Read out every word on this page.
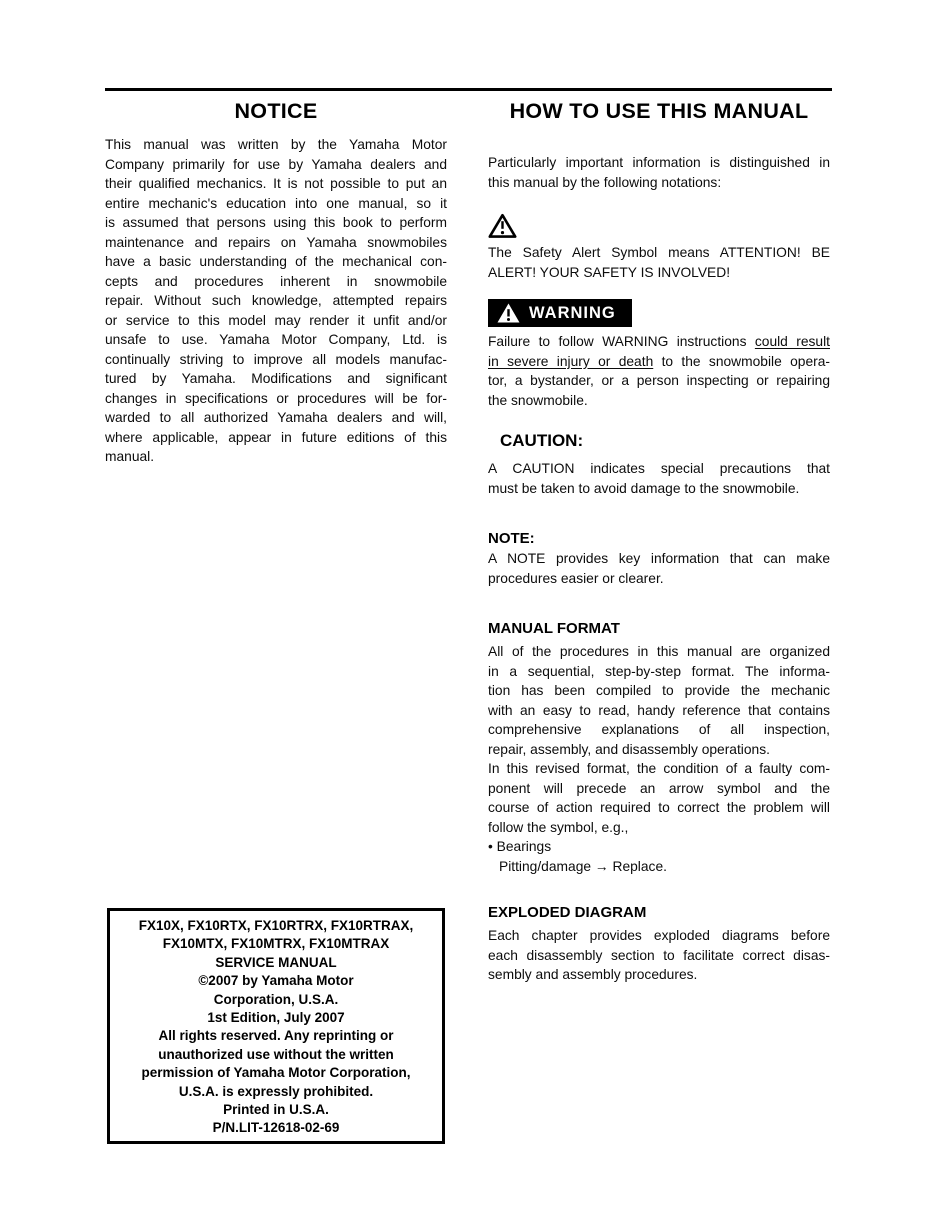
NOTICE
This manual was written by the Yamaha Motor
Company primarily for use by Yamaha dealers and
their qualified mechanics. It is not possible to put an
entire mechanic's education into one manual, so it
is assumed that persons using this book to perform
maintenance and repairs on Yamaha snowmobiles
have a basic understanding of the mechanical con-
cepts and procedures inherent in snowmobile
repair. Without such knowledge, attempted repairs
or service to this model may render it unfit and/or
unsafe to use. Yamaha Motor Company, Ltd. is
continually striving to improve all models manufac-
tured by Yamaha. Modifications and significant
changes in specifications or procedures will be for-
warded to all authorized Yamaha dealers and will,
where applicable, appear in future editions of this
manual.
FX10X, FX10RTX, FX10RTRX, FX10RTRAX,
FX10MTX, FX10MTRX, FX10MTRAX
SERVICE MANUAL
©2007 by Yamaha Motor
Corporation, U.S.A.
1st Edition, July 2007
All rights reserved. Any reprinting or
unauthorized use without the written
permission of Yamaha Motor Corporation,
U.S.A. is expressly prohibited.
Printed in U.S.A.
P/N.LIT-12618-02-69
HOW TO USE THIS MANUAL
Particularly important information is distinguished in
this manual by the following notations:
The Safety Alert Symbol means ATTENTION! BE
ALERT! YOUR SAFETY IS INVOLVED!
WARNING
Failure to follow WARNING instructions could result
in severe injury or death to the snowmobile opera-
tor, a bystander, or a person inspecting or repairing
the snowmobile.
CAUTION:
A CAUTION indicates special precautions that
must be taken to avoid damage to the snowmobile.
NOTE:
A NOTE provides key information that can make
procedures easier or clearer.
MANUAL FORMAT
All of the procedures in this manual are organized
in a sequential, step-by-step format. The informa-
tion has been compiled to provide the mechanic
with an easy to read, handy reference that contains
comprehensive explanations of all inspection,
repair, assembly, and disassembly operations.
In this revised format, the condition of a faulty com-
ponent will precede an arrow symbol and the
course of action required to correct the problem will
follow the symbol, e.g.,
• Bearings
Pitting/damage → Replace.
EXPLODED DIAGRAM
Each chapter provides exploded diagrams before
each disassembly section to facilitate correct disas-
sembly and assembly procedures.
